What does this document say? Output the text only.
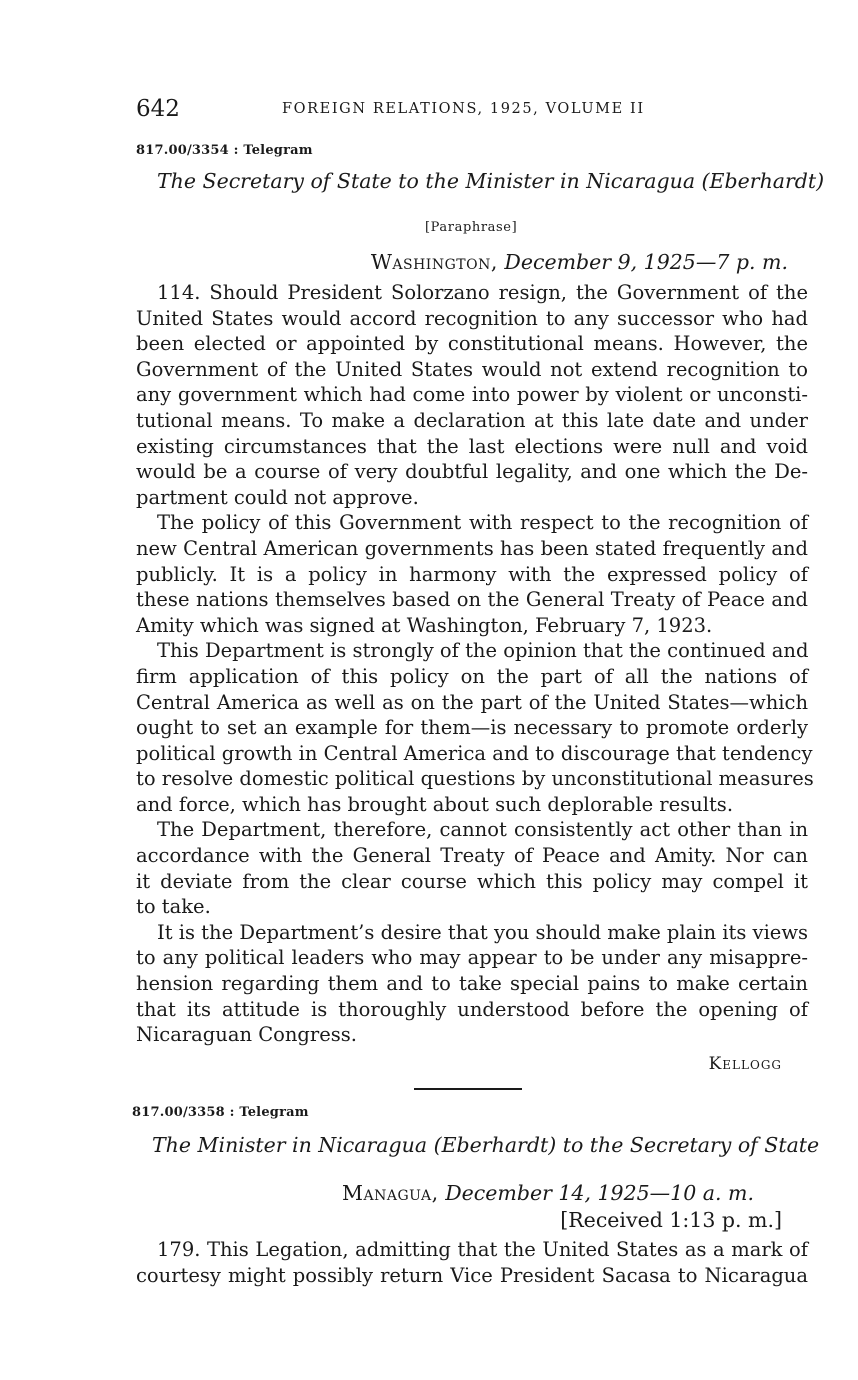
642	FOREIGN RELATIONS, 1925, VOLUME II
817.00/3354 : Telegram
The Secretary of State to the Minister in Nicaragua (Eberhardt)
[Paraphrase]
Washington, December 9, 1925—7 p. m.
114. Should President Solorzano resign, the Government of the
United States would accord recognition to any successor who had
been elected or appointed by constitutional means. However, the
Government of the United States would not extend recognition to
any government which had come into power by violent or unconsti-
tutional means. To make a declaration at this late date and under
existing circumstances that the last elections were null and void
would be a course of very doubtful legality, and one which the De-
partment could not approve.
The policy of this Government with respect to the recognition of
new Central American governments has been stated frequently and
publicly. It is a policy in harmony with the expressed policy of
these nations themselves based on the General Treaty of Peace and
Amity which was signed at Washington, February 7, 1923.
This Department is strongly of the opinion that the continued and
firm application of this policy on the part of all the nations of
Central America as well as on the part of the United States—which
ought to set an example for them—is necessary to promote orderly
political growth in Central America and to discourage that tendency
to resolve domestic political questions by unconstitutional measures
and force, which has brought about such deplorable results.
The Department, therefore, cannot consistently act other than in
accordance with the General Treaty of Peace and Amity. Nor can
it deviate from the clear course which this policy may compel it
to take.
It is the Department’s desire that you should make plain its views
to any political leaders who may appear to be under any misappre-
hension regarding them and to take special pains to make certain
that its attitude is thoroughly understood before the opening of
Nicaraguan Congress.
Kellogg
817.00/3358 : Telegram
The Minister in Nicaragua (Eberhardt) to the Secretary of State
Managua, December 14, 1925—10 a. m.
[Received 1:13 p. m.]
179. This Legation, admitting that the United States as a mark of
courtesy might possibly return Vice President Sacasa to Nicaragua
